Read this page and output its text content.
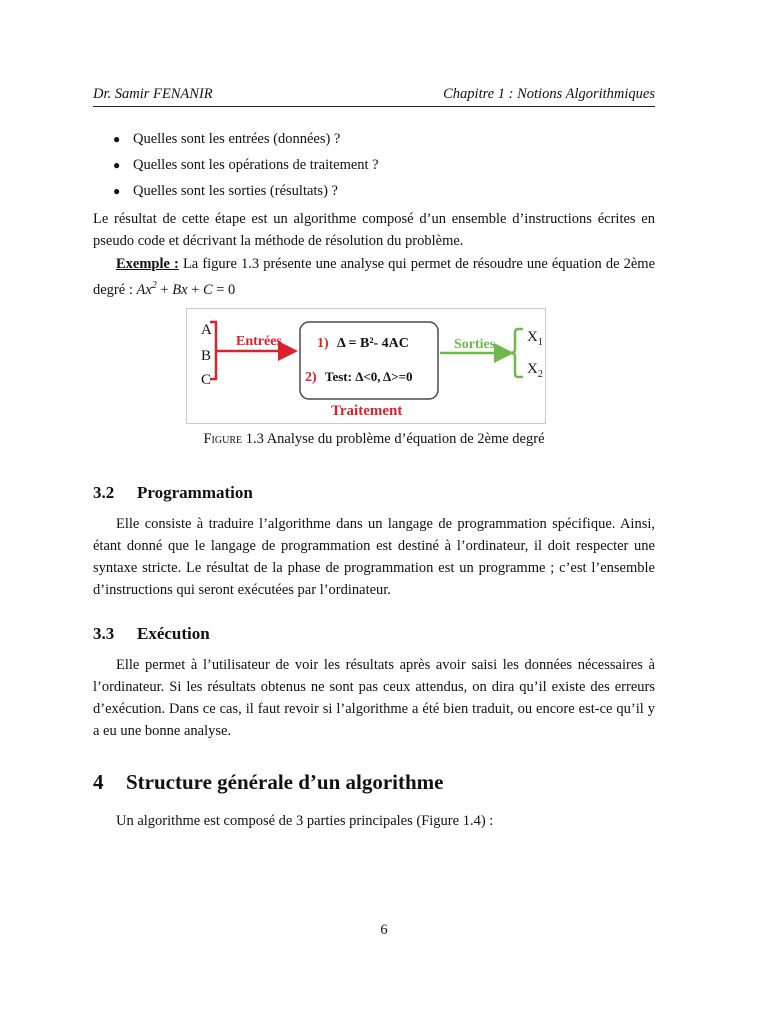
Dr. Samir FENANIR	Chapitre 1 : Notions Algorithmiques
● Quelles sont les entrées (données) ?
● Quelles sont les opérations de traitement ?
● Quelles sont les sorties (résultats) ?
Le résultat de cette étape est un algorithme composé d’un ensemble d’instructions écrites en pseudo code et décrivant la méthode de résolution du problème.
Exemple : La figure 1.3 présente une analyse qui permet de résoudre une équation de 2ème degré : $Ax^2 + Bx + C = 0$
A
B
C
Entrées	1) Δ = B²- 4AC
2) Test: Δ<0, Δ>=0
Traitement
Sorties $X_1$
$X_2$
Figure 1.3 Analyse du problème d’équation de 2ème degré
3.2 Programmation
Elle consiste à traduire l’algorithme dans un langage de programmation spécifique. Ainsi, étant donné que le langage de programmation est destiné à l’ordinateur, il doit respecter une syntaxe stricte. Le résultat de la phase de programmation est un programme ; c’est l’ensemble d’instructions qui seront exécutées par l’ordinateur.
3.3 Exécution
Elle permet à l’utilisateur de voir les résultats après avoir saisi les données nécessaires à l’ordinateur. Si les résultats obtenus ne sont pas ceux attendus, on dira qu’il existe des erreurs d’exécution. Dans ce cas, il faut revoir si l’algorithme a été bien traduit, ou encore est-ce qu’il y a eu une bonne analyse.
4 Structure générale d’un algorithme
Un algorithme est composé de 3 parties principales (Figure 1.4) :
6
